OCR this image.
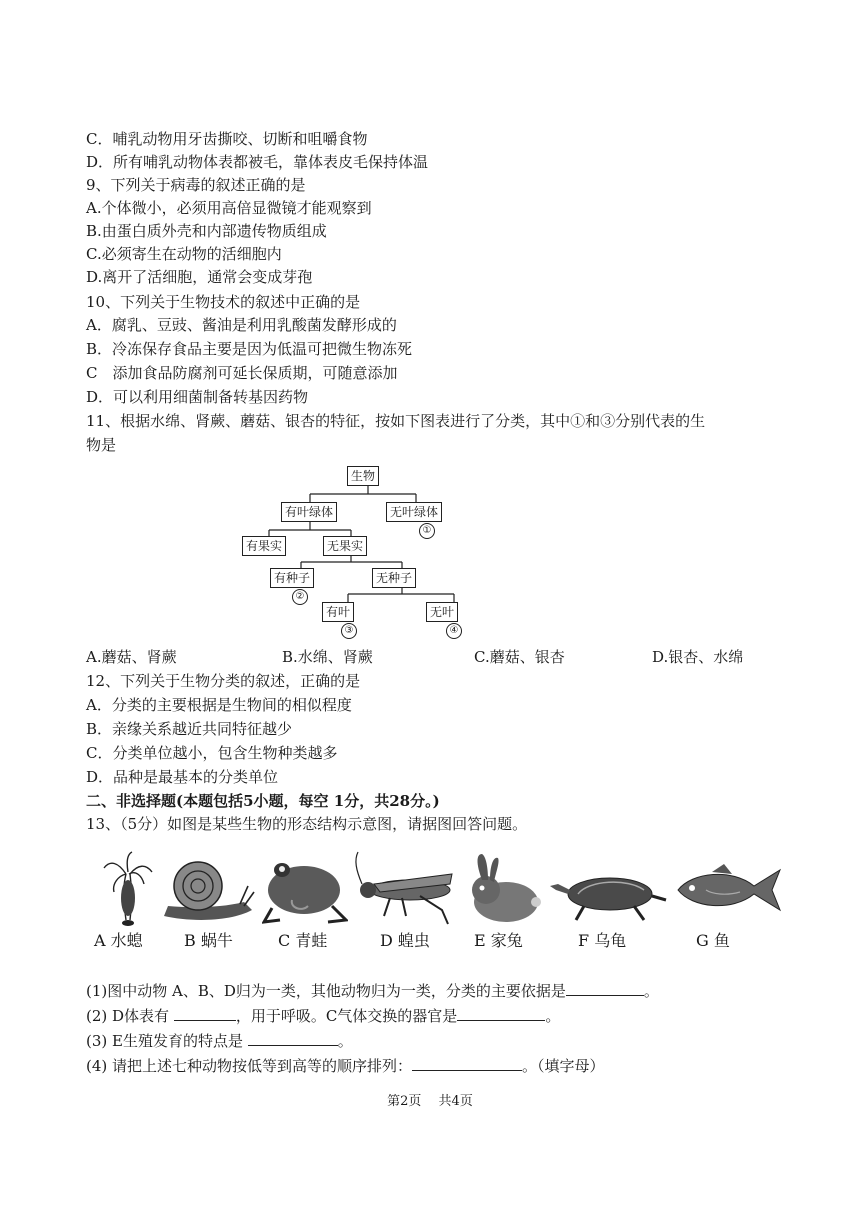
C．哺乳动物用牙齿撕咬、切断和咀嚼食物
D．所有哺乳动物体表都被毛，靠体表皮毛保持体温
9、下列关于病毒的叙述正确的是
A.个体微小，必须用高倍显微镜才能观察到
B.由蛋白质外壳和内部遗传物质组成
C.必须寄生在动物的活细胞内
D.离开了活细胞，通常会变成芽孢
10、下列关于生物技术的叙述中正确的是
A．腐乳、豆豉、酱油是利用乳酸菌发酵形成的
B．冷冻保存食品主要是因为低温可把微生物冻死
C　添加食品防腐剂可延长保质期，可随意添加
D．可以利用细菌制备转基因药物
11、根据水绵、肾蕨、蘑菇、银杏的特征，按如下图表进行了分类，其中①和③分别代表的生
物是
生物
有叶绿体	无叶绿体
①
有果实	无果实
有种子
②
无种子
有叶
③
无叶
④
A.蘑菇、肾蕨	B.水绵、肾蕨	C.蘑菇、银杏	D.银杏、水绵
12、下列关于生物分类的叙述，正确的是
A．分类的主要根据是生物间的相似程度
B．亲缘关系越近共同特征越少
C．分类单位越小，包含生物种类越多
D．品种是最基本的分类单位
二、非选择题(本题包括5小题，每空 1分，共28分。)
13、（5分）如图是某些生物的形态结构示意图，请据图回答问题。
A 水螅	B 蜗牛	C 青蛙	D 蝗虫	E 家兔	F 乌龟	G 鱼
(1)图中动物 A、B、D归为一类，其他动物归为一类，分类的主要依据是	。
(2) D体表有	，用于呼吸。C气体交换的器官是	。
(3) E生殖发育的特点是	。
(4) 请把上述七种动物按低等到高等的顺序排列：	。（填字母）
第2页　 共4页
